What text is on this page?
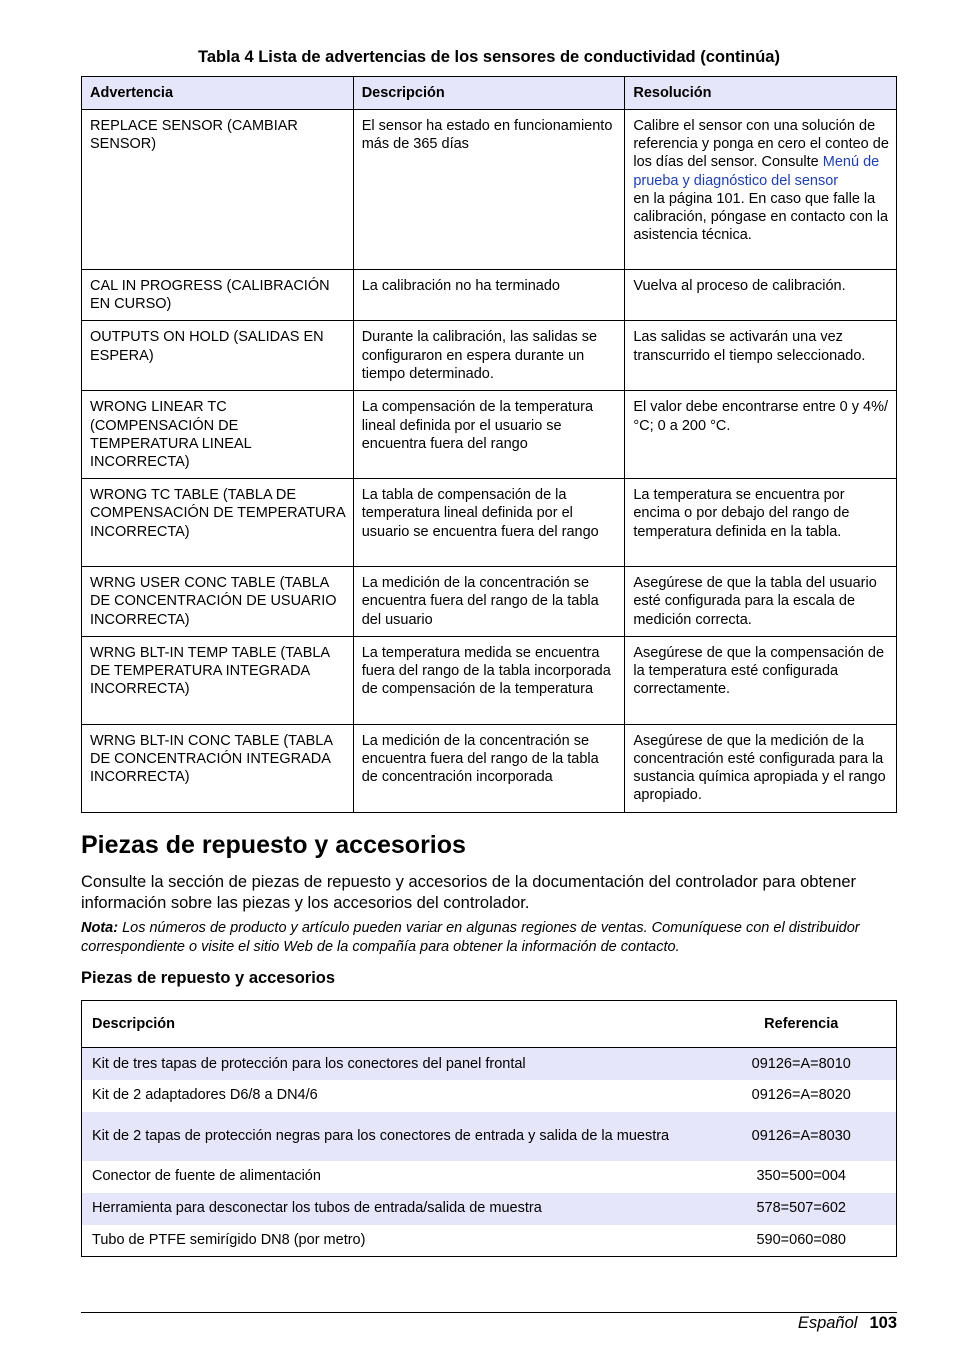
Tabla 4 Lista de advertencias de los sensores de conductividad (continúa)
Advertencia	Descripción	Resolución
REPLACE SENSOR (CAMBIAR SENSOR)	El sensor ha estado en funcionamiento más de 365 días	Calibre el sensor con una solución de referencia y ponga en cero el conteo de los días del sensor. Consulte Menú de prueba y diagnóstico del sensor
en la página 101. En caso que falle la calibración, póngase en contacto con la asistencia técnica.
CAL IN PROGRESS (CALIBRACIÓN EN CURSO)	La calibración no ha terminado	Vuelva al proceso de calibración.
OUTPUTS ON HOLD (SALIDAS EN ESPERA)	Durante la calibración, las salidas se configuraron en espera durante un tiempo determinado.	Las salidas se activarán una vez transcurrido el tiempo seleccionado.
WRONG LINEAR TC (COMPENSACIÓN DE TEMPERATURA LINEAL INCORRECTA)	La compensación de la temperatura lineal definida por el usuario se encuentra fuera del rango	El valor debe encontrarse entre 0 y 4%/°C; 0 a 200 °C.
WRONG TC TABLE (TABLA DE COMPENSACIÓN DE TEMPERATURA INCORRECTA)	La tabla de compensación de la temperatura lineal definida por el usuario se encuentra fuera del rango	La temperatura se encuentra por encima o por debajo del rango de temperatura definida en la tabla.
WRNG USER CONC TABLE (TABLA DE CONCENTRACIÓN DE USUARIO INCORRECTA)	La medición de la concentración se encuentra fuera del rango de la tabla del usuario	Asegúrese de que la tabla del usuario esté configurada para la escala de medición correcta.
WRNG BLT-IN TEMP TABLE (TABLA DE TEMPERATURA INTEGRADA INCORRECTA)	La temperatura medida se encuentra fuera del rango de la tabla incorporada de compensación de la temperatura	Asegúrese de que la compensación de la temperatura esté configurada correctamente.
WRNG BLT-IN CONC TABLE (TABLA DE CONCENTRACIÓN INTEGRADA INCORRECTA)	La medición de la concentración se encuentra fuera del rango de la tabla de concentración incorporada	Asegúrese de que la medición de la concentración esté configurada para la sustancia química apropiada y el rango apropiado.
Piezas de repuesto y accesorios

Consulte la sección de piezas de repuesto y accesorios de la documentación del controlador para obtener información sobre las piezas y los accesorios del controlador.

Nota: Los números de producto y artículo pueden variar en algunas regiones de ventas. Comuníquese con el distribuidor correspondiente o visite el sitio Web de la compañía para obtener la información de contacto.

Piezas de repuesto y accesorios
Descripción	Referencia
Kit de tres tapas de protección para los conectores del panel frontal	09126=A=8010
Kit de 2 adaptadores D6/8 a DN4/6	09126=A=8020
Kit de 2 tapas de protección negras para los conectores de entrada y salida de la muestra	09126=A=8030
Conector de fuente de alimentación	350=500=004
Herramienta para desconectar los tubos de entrada/salida de muestra	578=507=602
Tubo de PTFE semirígido DN8 (por metro)	590=060=080
Español 103
